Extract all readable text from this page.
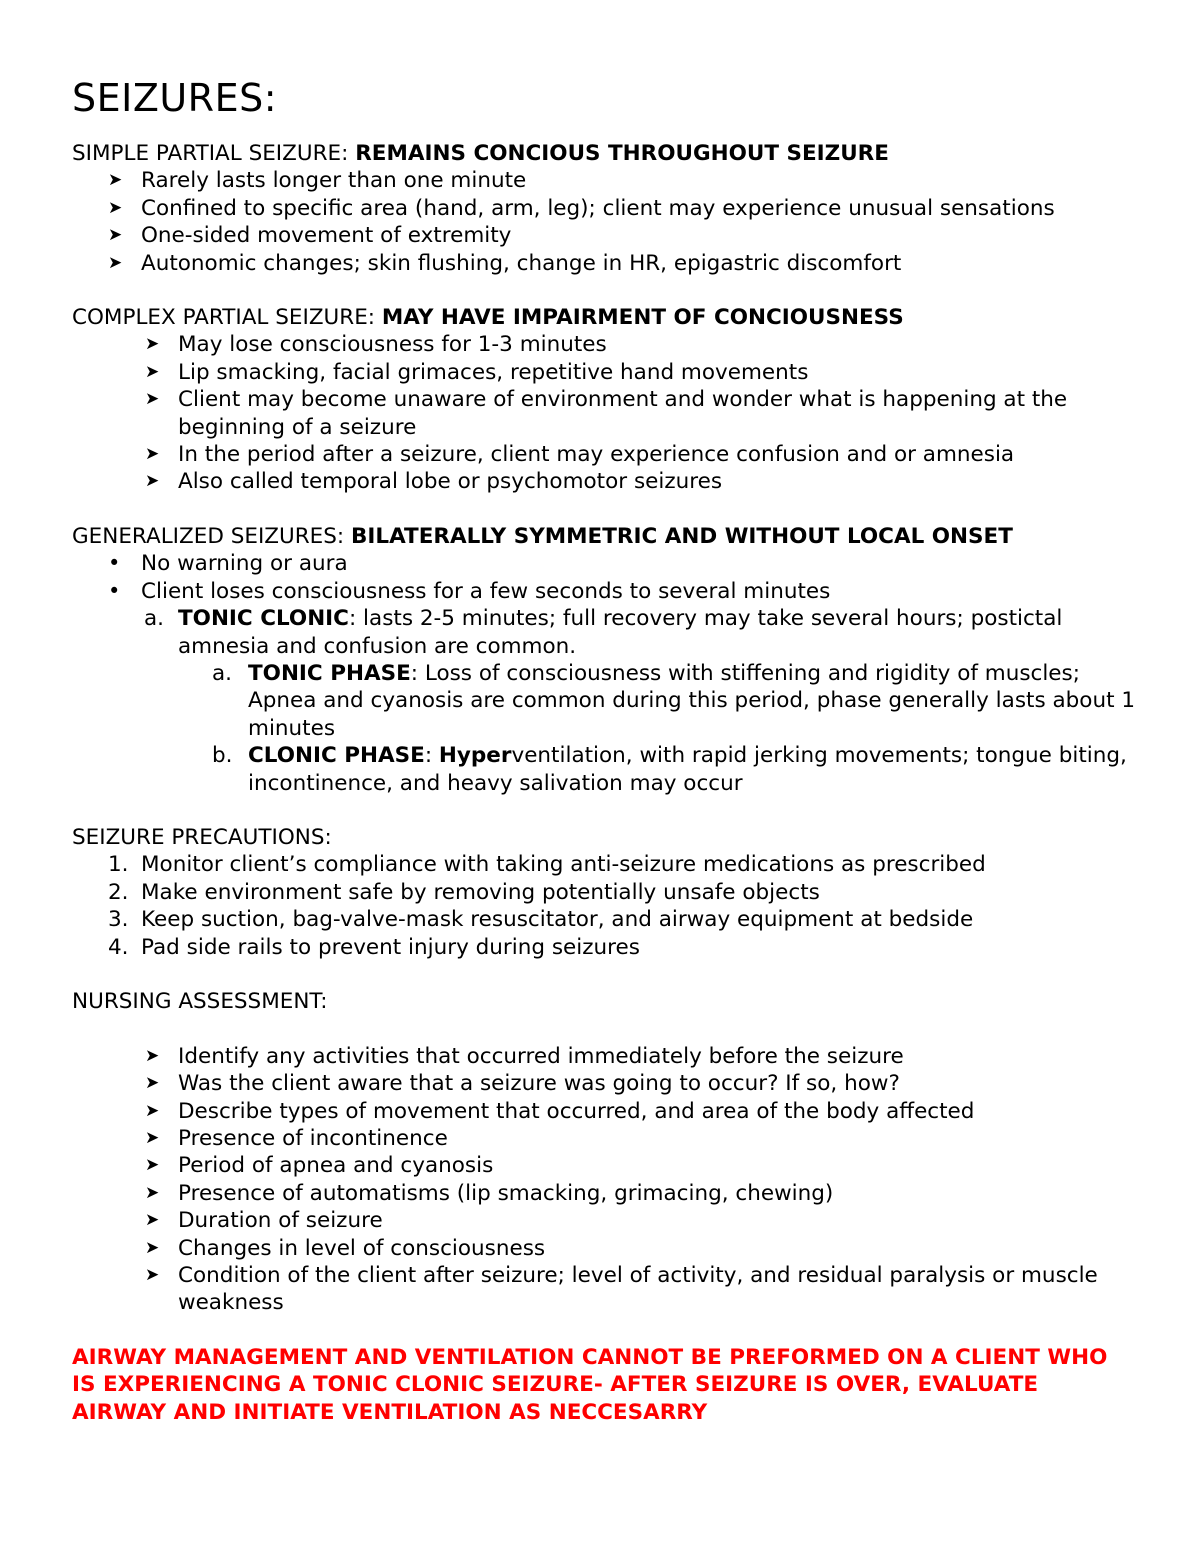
SEIZURES:

SIMPLE PARTIAL SEIZURE: REMAINS CONCIOUS THROUGHOUT SEIZURE

➤ Rarely lasts longer than one minute
➤ Confined to specific area (hand, arm, leg); client may experience unusual sensations
➤ One-sided movement of extremity
➤ Autonomic changes; skin flushing, change in HR, epigastric discomfort

COMPLEX PARTIAL SEIZURE: MAY HAVE IMPAIRMENT OF CONCIOUSNESS

➤ May lose consciousness for 1-3 minutes
➤ Lip smacking, facial grimaces, repetitive hand movements
➤ Client may become unaware of environment and wonder what is happening at the beginning of a seizure
➤ In the period after a seizure, client may experience confusion and or amnesia
➤ Also called temporal lobe or psychomotor seizures

GENERALIZED SEIZURES: BILATERALLY SYMMETRIC AND WITHOUT LOCAL ONSET

• No warning or aura
• Client loses consciousness for a few seconds to several minutes
a. TONIC CLONIC: lasts 2-5 minutes; full recovery may take several hours; postictal amnesia and confusion are common.
a. TONIC PHASE: Loss of consciousness with stiffening and rigidity of muscles; Apnea and cyanosis are common during this period, phase generally lasts about 1 minutes
b. CLONIC PHASE: Hyperventilation, with rapid jerking movements; tongue biting, incontinence, and heavy salivation may occur

SEIZURE PRECAUTIONS:

1. Monitor client’s compliance with taking anti-seizure medications as prescribed
2. Make environment safe by removing potentially unsafe objects
3. Keep suction, bag-valve-mask resuscitator, and airway equipment at bedside
4. Pad side rails to prevent injury during seizures

NURSING ASSESSMENT:

➤ Identify any activities that occurred immediately before the seizure
➤ Was the client aware that a seizure was going to occur? If so, how?
➤ Describe types of movement that occurred, and area of the body affected
➤ Presence of incontinence
➤ Period of apnea and cyanosis
➤ Presence of automatisms (lip smacking, grimacing, chewing)
➤ Duration of seizure
➤ Changes in level of consciousness
➤ Condition of the client after seizure; level of activity, and residual paralysis or muscle weakness

AIRWAY MANAGEMENT AND VENTILATION CANNOT BE PREFORMED ON A CLIENT WHO IS EXPERIENCING A TONIC CLONIC SEIZURE- AFTER SEIZURE IS OVER, EVALUATE AIRWAY AND INITIATE VENTILATION AS NECCESARRY
